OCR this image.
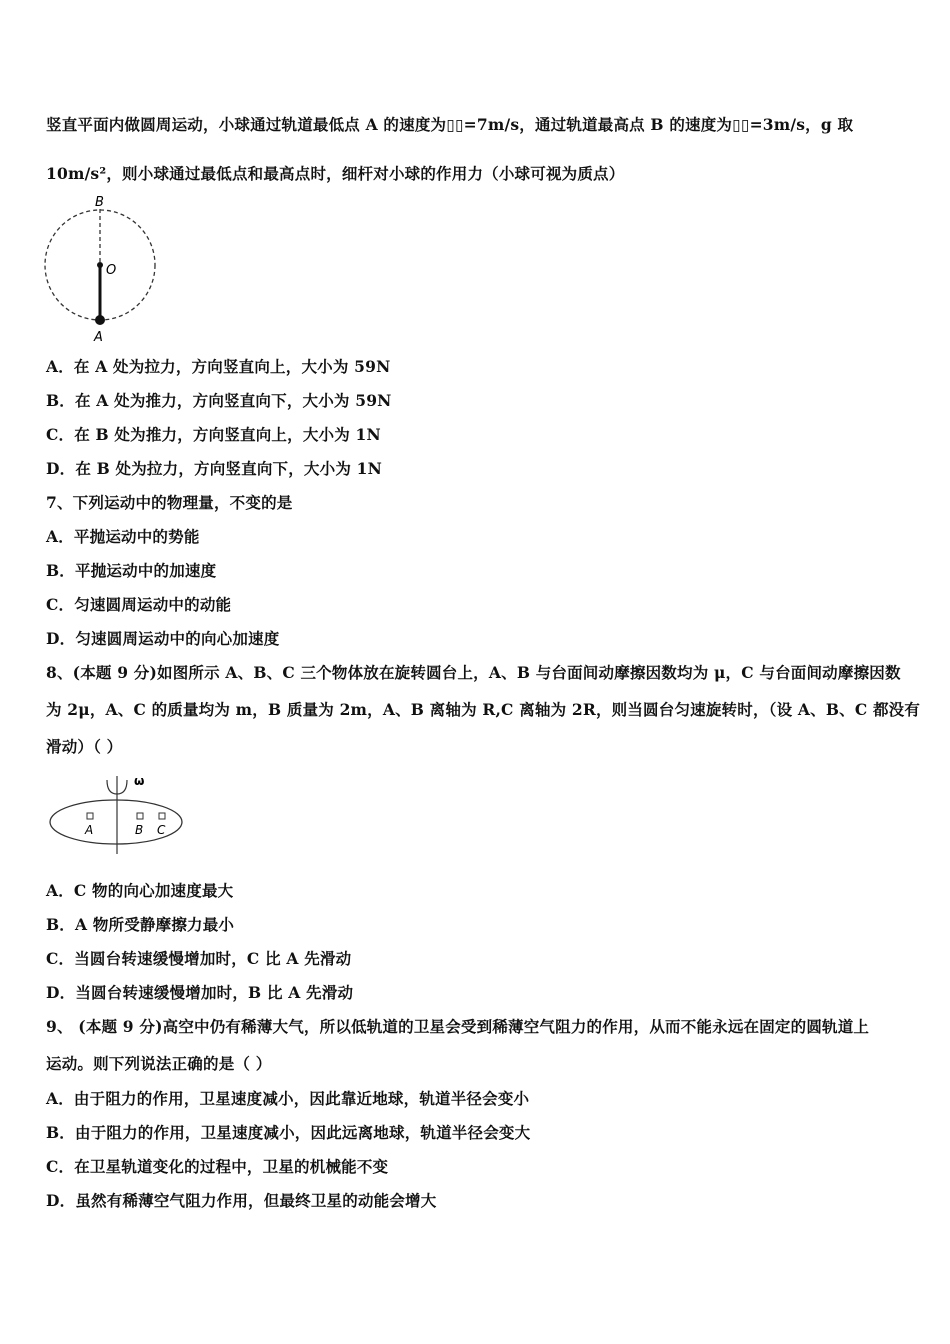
竖直平面内做圆周运动，小球通过轨道最低点 A 的速度为▯▯=7m/s，通过轨道最高点 B 的速度为▯▯=3m/s，g 取
10m/s²，则小球通过最低点和最高点时，细杆对小球的作用力（小球可视为质点）
B
O
A
A．在 A 处为拉力，方向竖直向上，大小为 59N
B．在 A 处为推力，方向竖直向下，大小为 59N
C．在 B 处为推力，方向竖直向上，大小为 1N
D．在 B 处为拉力，方向竖直向下，大小为 1N
7、下列运动中的物理量，不变的是
A．平抛运动中的势能
B．平抛运动中的加速度
C．匀速圆周运动中的动能
D．匀速圆周运动中的向心加速度
8、(本题 9 分)如图所示 A、B、C 三个物体放在旋转圆台上，A、B 与台面间动摩擦因数均为 μ，C 与台面间动摩擦因数
为 2μ，A、C 的质量均为 m，B 质量为 2m，A、B 离轴为 R,C 离轴为 2R，则当圆台匀速旋转时，（设 A、B、C 都没有
滑动）（ ）
ω
A	B C
A．C 物的向心加速度最大
B．A 物所受静摩擦力最小
C．当圆台转速缓慢增加时，C 比 A 先滑动
D．当圆台转速缓慢增加时，B 比 A 先滑动
9、 (本题 9 分)高空中仍有稀薄大气，所以低轨道的卫星会受到稀薄空气阻力的作用，从而不能永远在固定的圆轨道上
运动。则下列说法正确的是（ ）
A．由于阻力的作用，卫星速度减小，因此靠近地球，轨道半径会变小
B．由于阻力的作用，卫星速度减小，因此远离地球，轨道半径会变大
C．在卫星轨道变化的过程中，卫星的机械能不变
D．虽然有稀薄空气阻力作用，但最终卫星的动能会增大
